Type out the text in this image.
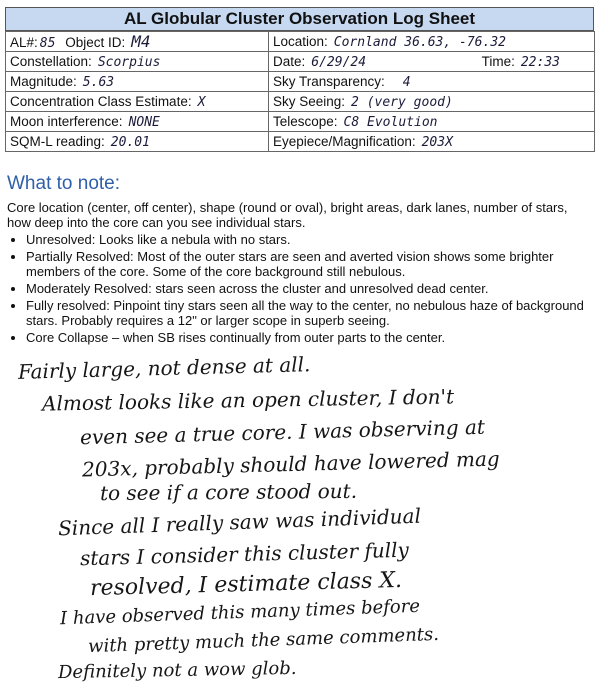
AL Globular Cluster Observation Log Sheet
AL#: 85 Object ID: M4	Location: Cornland 36.63, -76.32
Constellation: Scorpius	Date: 6/29/24 Time: 22:33

Magnitude: 5.63	Sky Transparency: 4
Concentration Class Estimate: X	Sky Seeing: 2 (very good)
Moon interference: NONE	Telescope: C8 Evolution
SQM-L reading: 20.01	Eyepiece/Magnification: 203X
What to note:
Core location (center, off center), shape (round or oval), bright areas, dark lanes, number of stars, how deep into the core can you see individual stars.
• Unresolved: Looks like a nebula with no stars.
• Partially Resolved: Most of the outer stars are seen and averted vision shows some brighter members of the core. Some of the core background still nebulous.
• Moderately Resolved: stars seen across the cluster and unresolved dead center.
• Fully resolved: Pinpoint tiny stars seen all the way to the center, no nebulous haze of background stars. Probably requires a 12" or larger scope in superb seeing.
• Core Collapse – when SB rises continually from outer parts to the center.
Fairly large, not dense at all.
Almost looks like an open cluster, I don't
even see a true core. I was observing at
203x, probably should have lowered mag
to see if a core stood out.
Since all I really saw was individual
stars I consider this cluster fully
resolved, I estimate class X.
I have observed this many times before
with pretty much the same comments.
Definitely not a wow glob.
